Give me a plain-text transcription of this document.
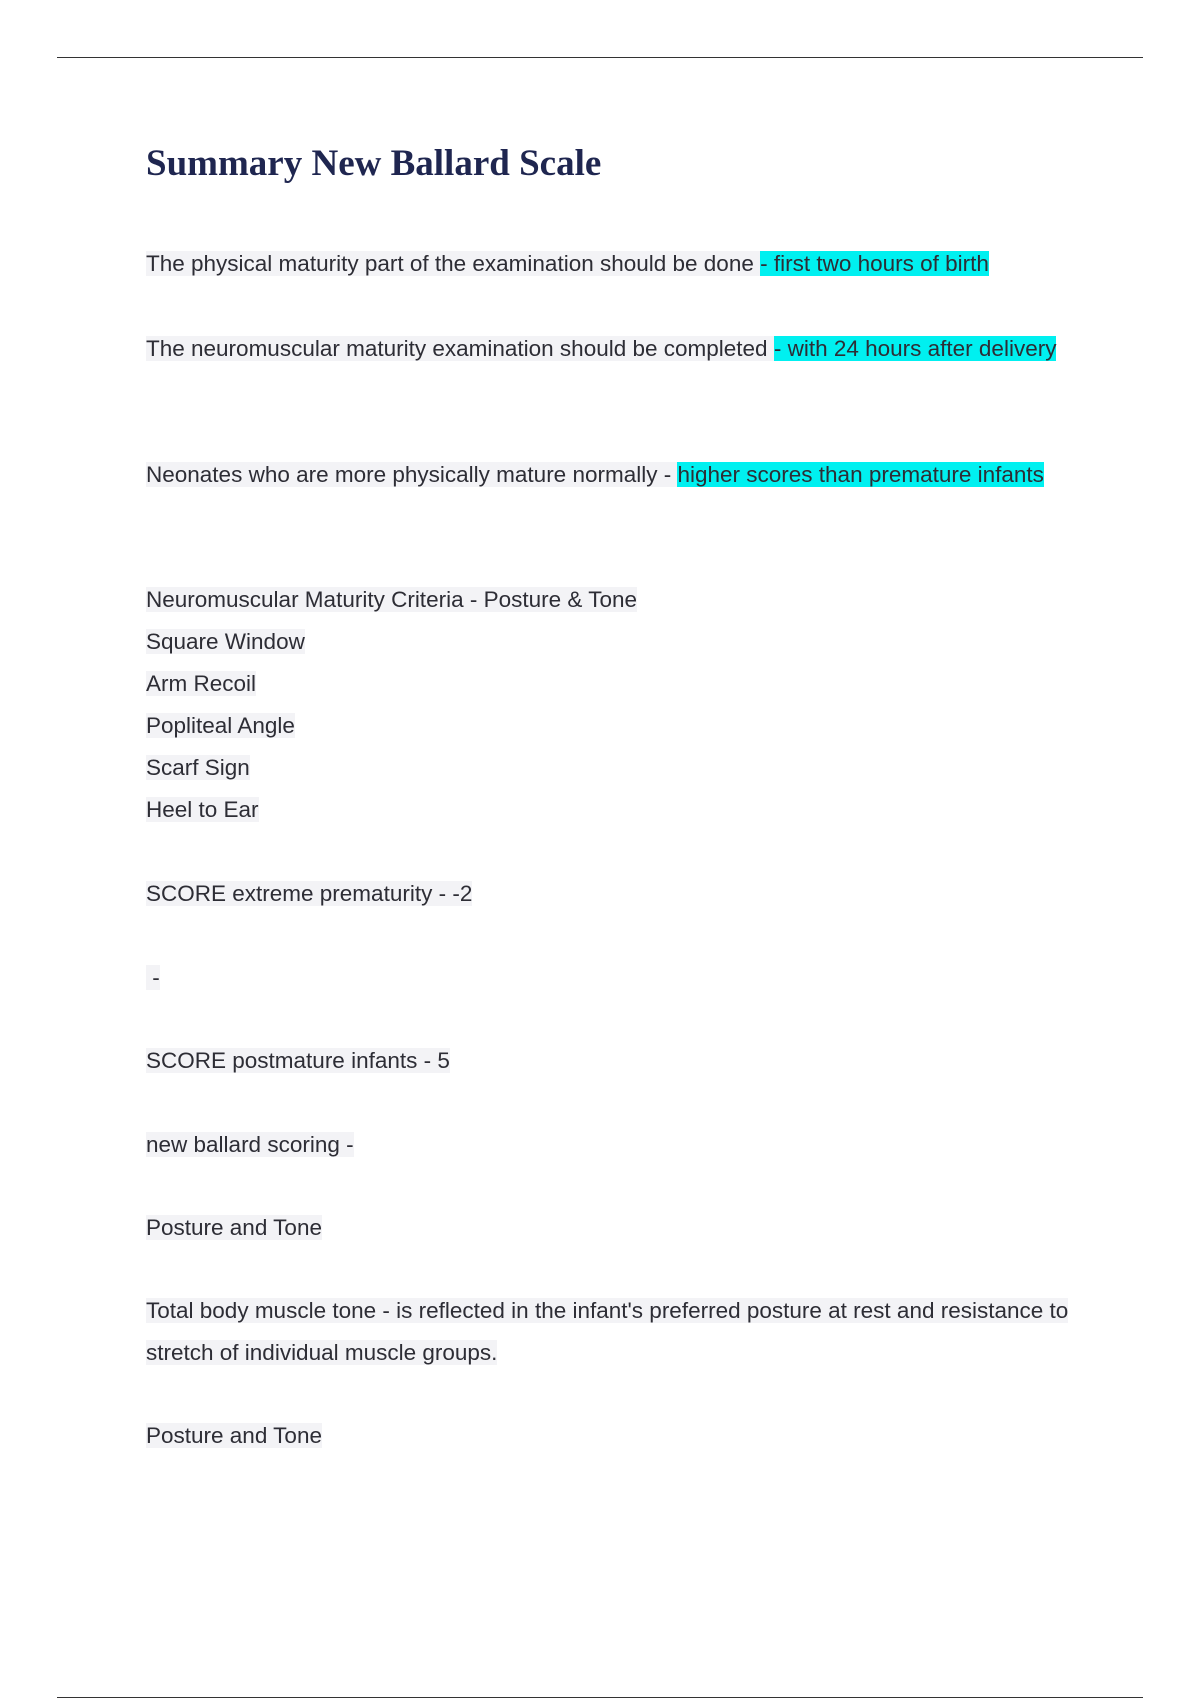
Summary New Ballard Scale

The physical maturity part of the examination should be done - first two hours of birth

The neuromuscular maturity examination should be completed - with 24 hours after delivery

Neonates who are more physically mature normally - higher scores than premature infants

Neuromuscular Maturity Criteria - Posture & Tone
Square Window
Arm Recoil
Popliteal Angle
Scarf Sign
Heel to Ear

SCORE extreme prematurity - -2

-

SCORE postmature infants - 5

new ballard scoring -

Posture and Tone

Total body muscle tone - is reflected in the infant's preferred posture at rest and resistance to stretch of individual muscle groups.

Posture and Tone
